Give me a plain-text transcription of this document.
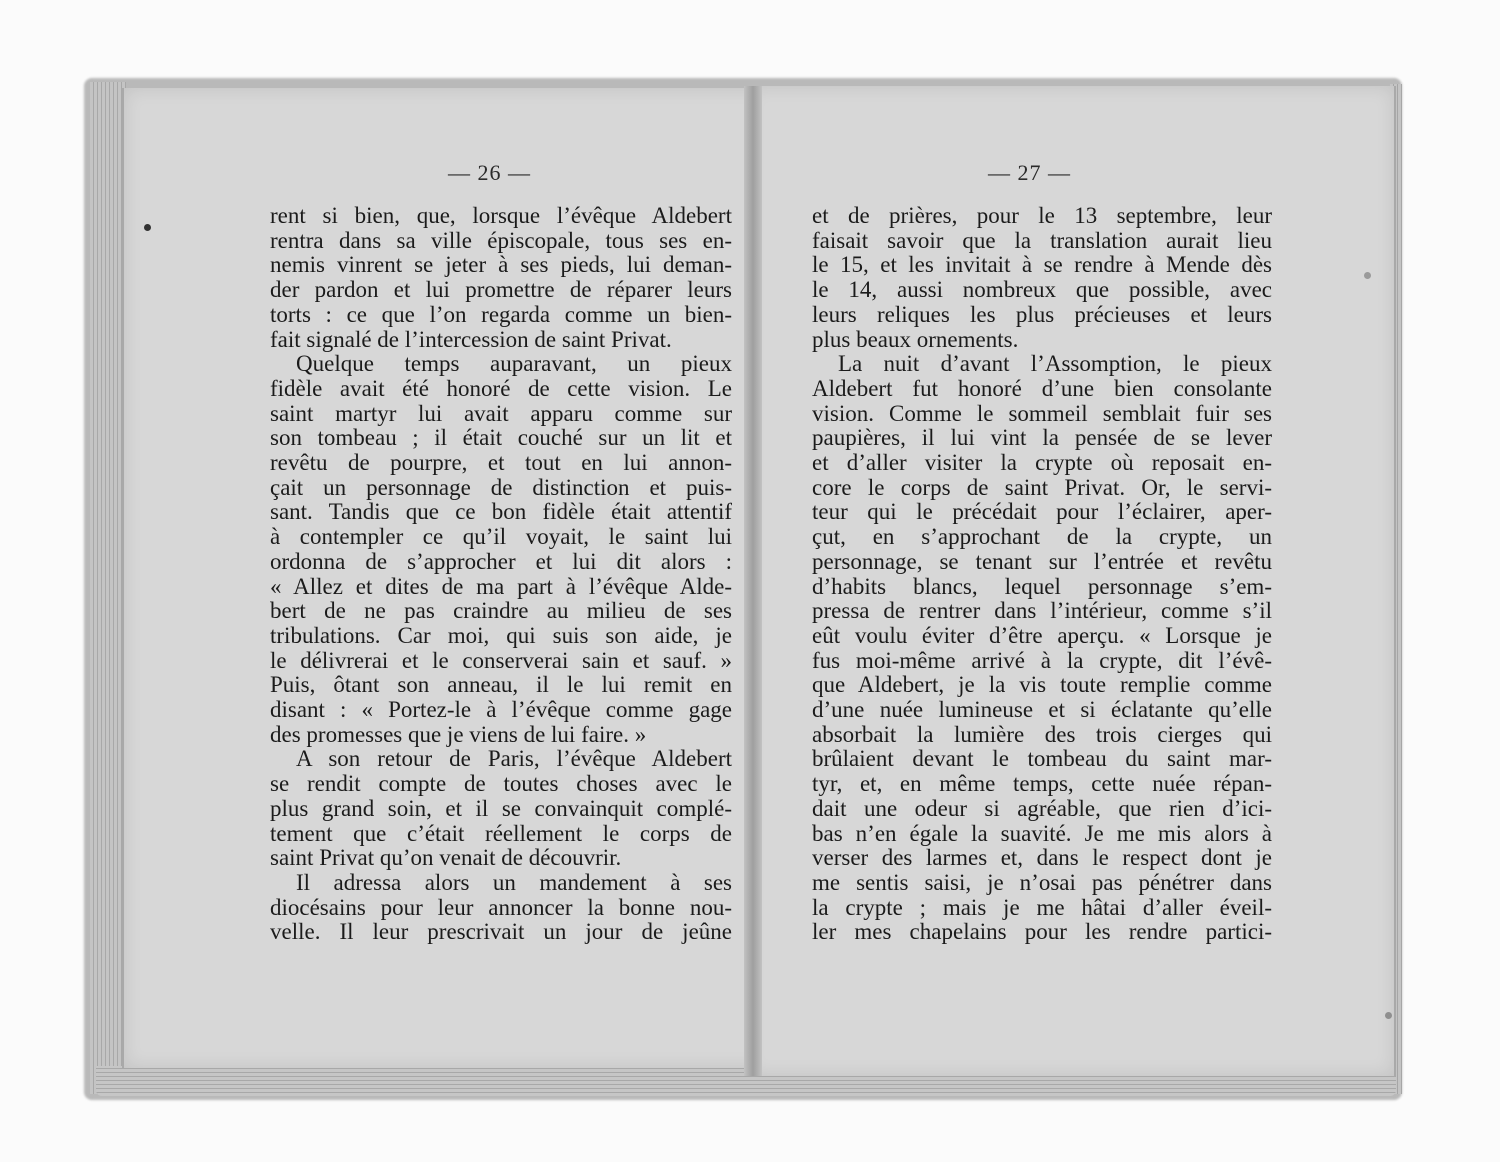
— 26 —	— 27 —
rent si bien, que, lorsque l’évêque Aldebert
rentra dans sa ville épiscopale, tous ses en-
nemis vinrent se jeter à ses pieds, lui deman-
der pardon et lui promettre de réparer leurs
torts : ce que l’on regarda comme un bien-
fait signalé de l’intercession de saint Privat.
Quelque temps auparavant, un pieux
fidèle avait été honoré de cette vision. Le
saint martyr lui avait apparu comme sur
son tombeau ; il était couché sur un lit et
revêtu de pourpre, et tout en lui annon-
çait un personnage de distinction et puis-
sant. Tandis que ce bon fidèle était attentif
à contempler ce qu’il voyait, le saint lui
ordonna de s’approcher et lui dit alors :
« Allez et dites de ma part à l’évêque Alde-
bert de ne pas craindre au milieu de ses
tribulations. Car moi, qui suis son aide, je
le délivrerai et le conserverai sain et sauf. »
Puis, ôtant son anneau, il le lui remit en
disant : « Portez-le à l’évêque comme gage
des promesses que je viens de lui faire. »
A son retour de Paris, l’évêque Aldebert
se rendit compte de toutes choses avec le
plus grand soin, et il se convainquit complé-
tement que c’était réellement le corps de
saint Privat qu’on venait de découvrir.
Il adressa alors un mandement à ses
diocésains pour leur annoncer la bonne nou-
velle. Il leur prescrivait un jour de jeûne
et de prières, pour le 13 septembre, leur
faisait savoir que la translation aurait lieu
le 15, et les invitait à se rendre à Mende dès
le 14, aussi nombreux que possible, avec
leurs reliques les plus précieuses et leurs
plus beaux ornements.
La nuit d’avant l’Assomption, le pieux
Aldebert fut honoré d’une bien consolante
vision. Comme le sommeil semblait fuir ses
paupières, il lui vint la pensée de se lever
et d’aller visiter la crypte où reposait en-
core le corps de saint Privat. Or, le servi-
teur qui le précédait pour l’éclairer, aper-
çut, en s’approchant de la crypte, un
personnage, se tenant sur l’entrée et revêtu
d’habits blancs, lequel personnage s’em-
pressa de rentrer dans l’intérieur, comme s’il
eût voulu éviter d’être aperçu. « Lorsque je
fus moi-même arrivé à la crypte, dit l’évê-
que Aldebert, je la vis toute remplie comme
d’une nuée lumineuse et si éclatante qu’elle
absorbait la lumière des trois cierges qui
brûlaient devant le tombeau du saint mar-
tyr, et, en même temps, cette nuée répan-
dait une odeur si agréable, que rien d’ici-
bas n’en égale la suavité. Je me mis alors à
verser des larmes et, dans le respect dont je
me sentis saisi, je n’osai pas pénétrer dans
la crypte ; mais je me hâtai d’aller éveil-
ler mes chapelains pour les rendre partici-
